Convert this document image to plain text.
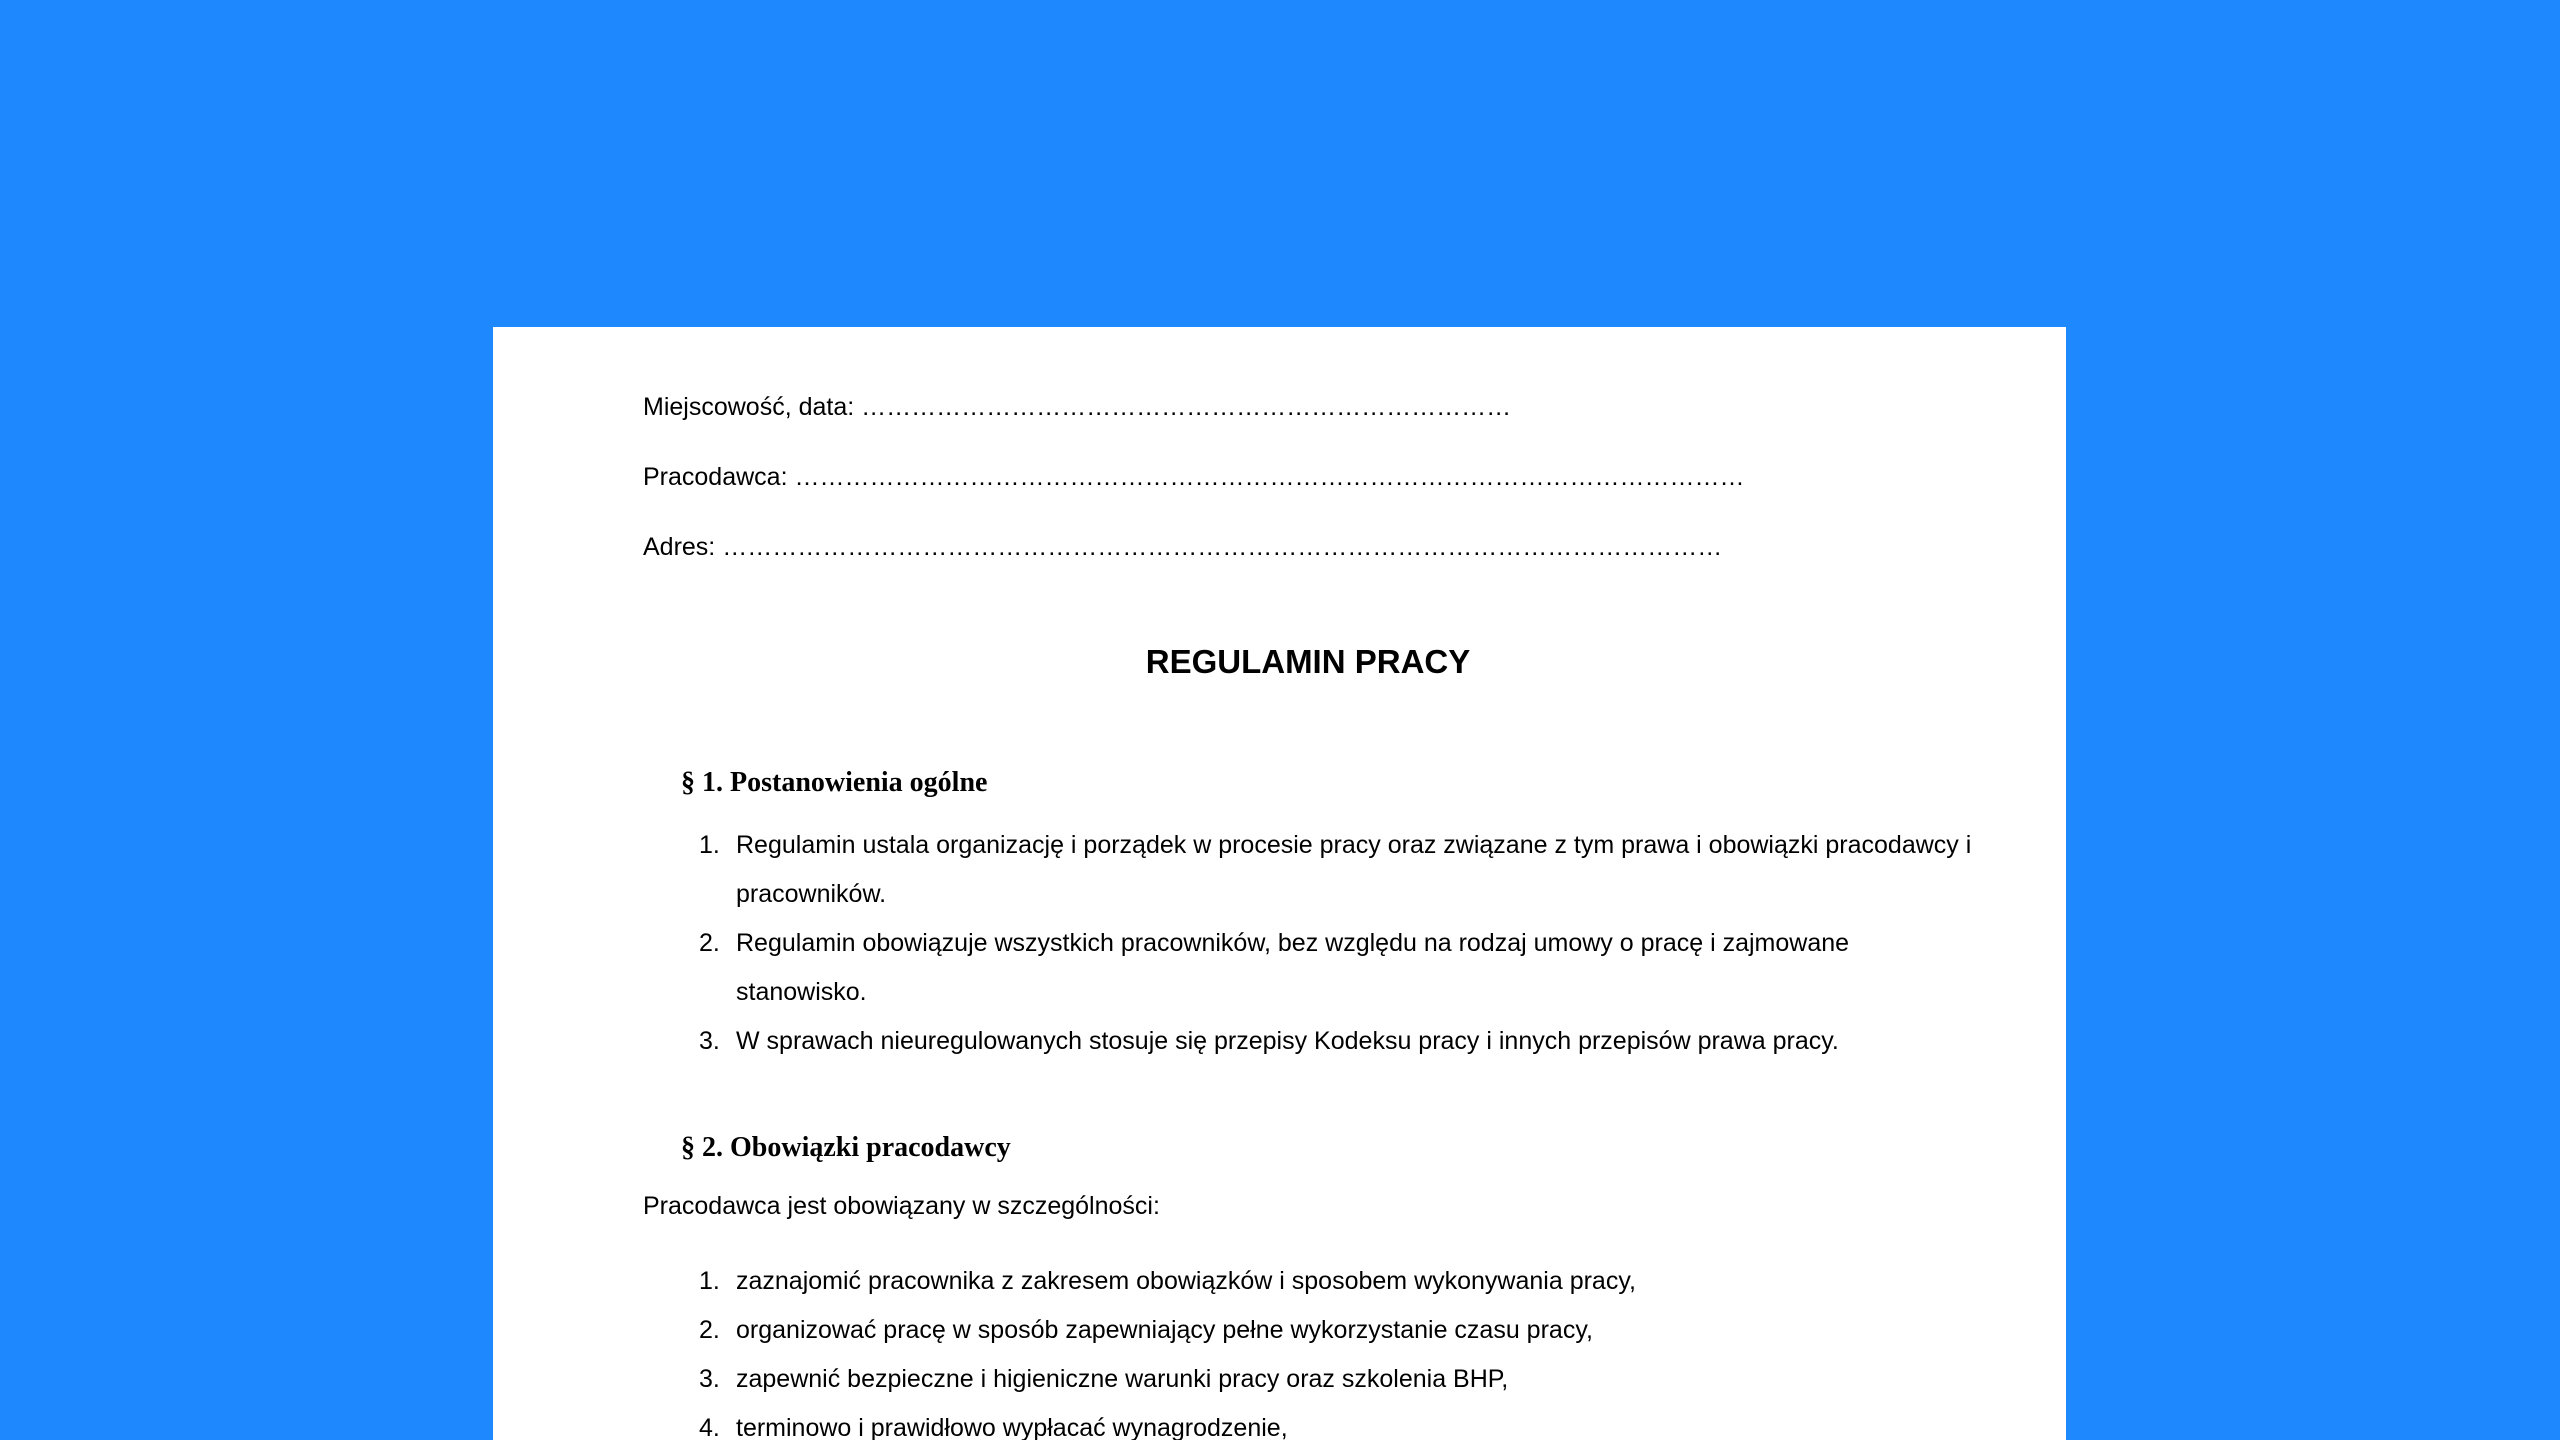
Miejscowość, data: ……………………………………………………………………
Pracodawca: ……………………………………………………………………………………………………
Adres: …………………………………………………………………………………………………………
REGULAMIN PRACY
§ 1. Postanowienia ogólne
1. Regulamin ustala organizację i porządek w procesie pracy oraz związane z tym prawa i obowiązki pracodawcy i pracowników.
2. Regulamin obowiązuje wszystkich pracowników, bez względu na rodzaj umowy o pracę i zajmowane stanowisko.
3. W sprawach nieuregulowanych stosuje się przepisy Kodeksu pracy i innych przepisów prawa pracy.
§ 2. Obowiązki pracodawcy
Pracodawca jest obowiązany w szczególności:
1. zaznajomić pracownika z zakresem obowiązków i sposobem wykonywania pracy,
2. organizować pracę w sposób zapewniający pełne wykorzystanie czasu pracy,
3. zapewnić bezpieczne i higieniczne warunki pracy oraz szkolenia BHP,
4. terminowo i prawidłowo wypłacać wynagrodzenie,
